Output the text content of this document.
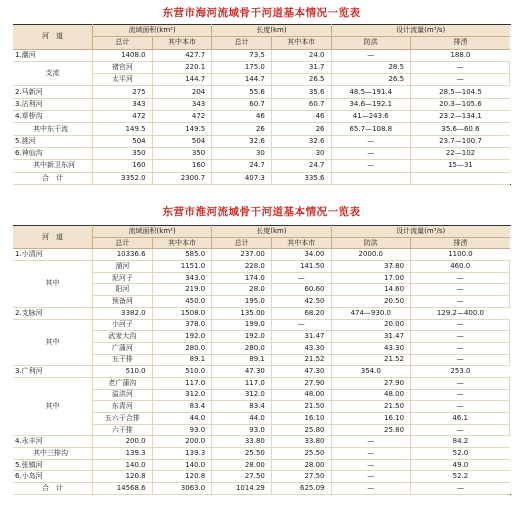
东营市海河流域骨干河道基本情况一览表
河　道	流域面积(km²)		长度(km)		设计流量(m³/s)		
	总计	其中本市	总计	其中本市	防洪	排涝	
1.潮河	1408.0	427.7	73.5	24.0	—	188.0	
支流	褚官河	220.1	175.0	31.7	28.5	—	
	太平河	144.7	144.7	26.5	26.5	—	
2.马新河	275	204	55.6	35.6	48.5—191.4	28.5—104.5	
3.沾利河	343	343	60.7	60.7	34.6—192.1	20.3—105.6	
4.草桥沟	472	472	46	46	41—243.6	23.2—134.1	
其中东干流	149.5	149.5	26	26	65.7—108.8	35.6—60.6	
5.挑河	504	504	32.6	32.6	—	23.7—100.7	
6.神仙沟	350	350	30	30	—	22—102	
其中新卫东河	160	160	24.7	24.7	—	15—31	
合　计	3352.0	2300.7	407.3	335.6			
东营市淮河流域骨干河道基本情况一览表
河　道	流域面积(km²)		长度(km)		设计流量(m³/s)		
	总计	其中本市	总计	其中本市	防洪	排涝	
1.小清河	10336.6	585.0	237.00	34.00	2000.0	1100.0	
其中	溜河	1151.0	228.0	141.50	37.80	460.0	
	泥河子	343.0	174.0	—	17.00	—	
	阳河	219.0	28.0	60.60	14.60	—	
	预备河	450.0	195.0	42.50	20.50	—	
2.支脉河	3382.0	1508.0	135.00	68.20	474—930.0	129.2—400.0	
其中	小河子	378.0	199.0	—	20.00	—	
	武家大沟	192.0	192.0	31.47	31.47	—	
	广蒲河	280.0	280.0	43.30	43.30	—	
	五干排	89.1	89.1	21.52	21.52	—	
3.广利河	510.0	510.0	47.30	47.30	354.0	253.0	
其中	老广蒲沟	117.0	117.0	27.90	27.90	—	
	溢洪河	312.0	312.0	48.00	48.00	—	
	东青河	83.4	83.4	21.50	21.50	—	
	五六干合排	44.0	44.0	16.10	16.10	46.1	
	六干排	93.0	93.0	25.80	25.80	—	
4.永丰河	200.0	200.0	33.80	33.80	—	84.2	
其中三排沟	139.3	139.3	25.50	25.50	—	52.0	
5.张镇河	140.0	140.0	28.00	28.00	—	49.0	
6.小岛河	120.8	120.8	27.50	27.50	—	52.2	
合　计	14568.6	3063.0	1014.29	625.09	—	—	
